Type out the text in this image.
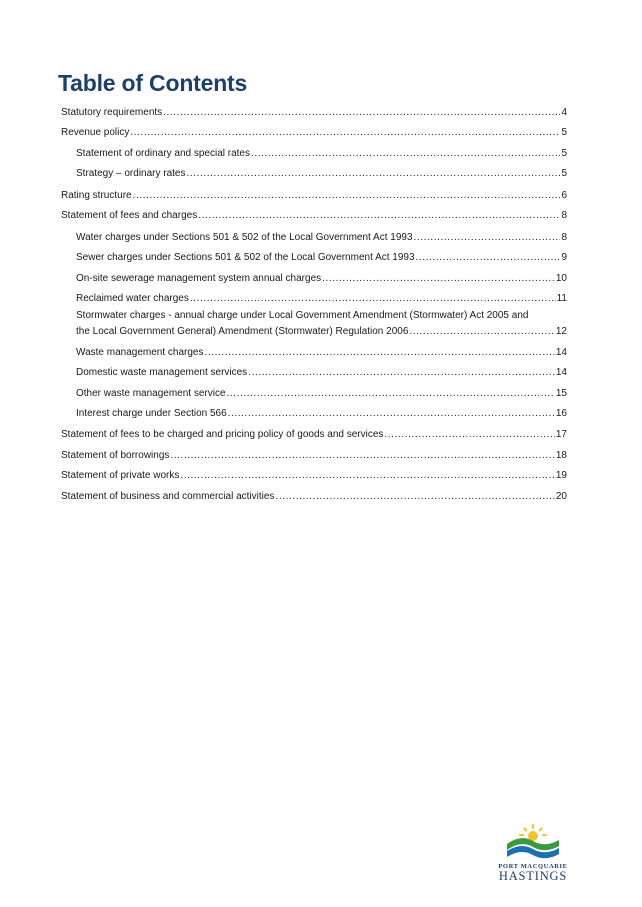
Table of Contents
Statutory requirements .....	4
Revenue policy .....	5
Statement of ordinary and special rates .....	5
Strategy – ordinary rates .....	5
Rating structure .....	6
Statement of fees and charges .....	8
Water charges under Sections 501 & 502 of the Local Government Act 1993 .....	8
Sewer charges under Sections 501 & 502 of the Local Government Act 1993 .....	9
On-site sewerage management system annual charges .....	10
Reclaimed water charges .....	11
Stormwater charges - annual charge under Local Government Amendment (Stormwater) Act 2005 and
the Local Government General) Amendment (Stormwater) Regulation 2006 .....	12
Waste management charges .....	14
Domestic waste management services .....	14
Other waste management service .....	15
Interest charge under Section 566 .....	16
Statement of fees to be charged and pricing policy of goods and services .....	17
Statement of borrowings .....	18
Statement of private works .....	19
Statement of business and commercial activities .....	20
PORT MACQUARIE
HASTINGS
